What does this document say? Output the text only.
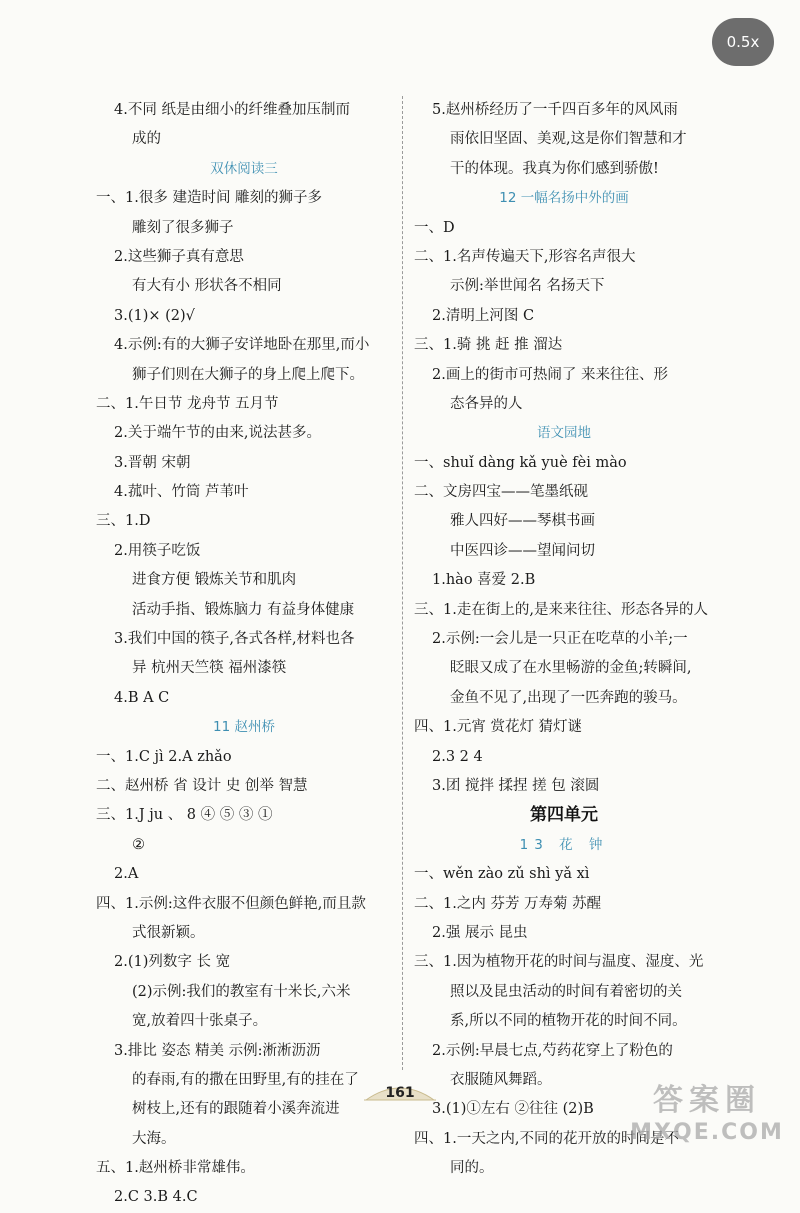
0.5x
4.不同 纸是由细小的纤维叠加压制而
成的
双休阅读三
一、1.很多 建造时间 雕刻的狮子多
雕刻了很多狮子
2.这些狮子真有意思
有大有小 形状各不相同
3.(1)× (2)√
4.示例:有的大狮子安详地卧在那里,而小
狮子们则在大狮子的身上爬上爬下。
二、1.午日节 龙舟节 五月节
2.关于端午节的由来,说法甚多。
3.晋朝 宋朝
4.菰叶、竹筒 芦苇叶
三、1.D
2.用筷子吃饭
进食方便 锻炼关节和肌肉
活动手指、锻炼脑力 有益身体健康
3.我们中国的筷子,各式各样,材料也各
异 杭州天竺筷 福州漆筷
4.B A C
11 赵州桥
一、1.C jì 2.A zhǎo
二、赵州桥 省 设计 史 创举 智慧
三、1.J ju 、 8 ④ ⑤ ③ ①
②
2.A
四、1.示例:这件衣服不但颜色鲜艳,而且款
式很新颖。
2.(1)列数字 长 宽
(2)示例:我们的教室有十米长,六米
宽,放着四十张桌子。
3.排比 姿态 精美 示例:淅淅沥沥
的春雨,有的撒在田野里,有的挂在了
树枝上,还有的跟随着小溪奔流进
大海。
五、1.赵州桥非常雄伟。
2.C 3.B 4.C
5.赵州桥经历了一千四百多年的风风雨
雨依旧坚固、美观,这是你们智慧和才
干的体现。我真为你们感到骄傲!
12 一幅名扬中外的画
一、D
二、1.名声传遍天下,形容名声很大
示例:举世闻名 名扬天下
2.清明上河图 C
三、1.骑 挑 赶 推 溜达
2.画上的街市可热闹了 来来往往、形
态各异的人
语文园地
一、shuǐ dàng kǎ yuè fèi mào
二、文房四宝——笔墨纸砚
雅人四好——琴棋书画
中医四诊——望闻问切
1.hào 喜爱 2.B
三、1.走在街上的,是来来往往、形态各异的人
2.示例:一会儿是一只正在吃草的小羊;一
眨眼又成了在水里畅游的金鱼;转瞬间,
金鱼不见了,出现了一匹奔跑的骏马。
四、1.元宵 赏花灯 猜灯谜
2.3 2 4
3.团 搅拌 揉捏 搓 包 滚圆
第四单元
13 花 钟
一、wěn zào zǔ shì yǎ xì
二、1.之内 芬芳 万寿菊 苏醒
2.强 展示 昆虫
三、1.因为植物开花的时间与温度、湿度、光
照以及昆虫活动的时间有着密切的关
系,所以不同的植物开花的时间不同。
2.示例:早晨七点,芍药花穿上了粉色的
衣服随风舞蹈。
3.(1)①左右 ②往往 (2)B
四、1.一天之内,不同的花开放的时间是不
同的。
161	答案圈
MXQE.COM
